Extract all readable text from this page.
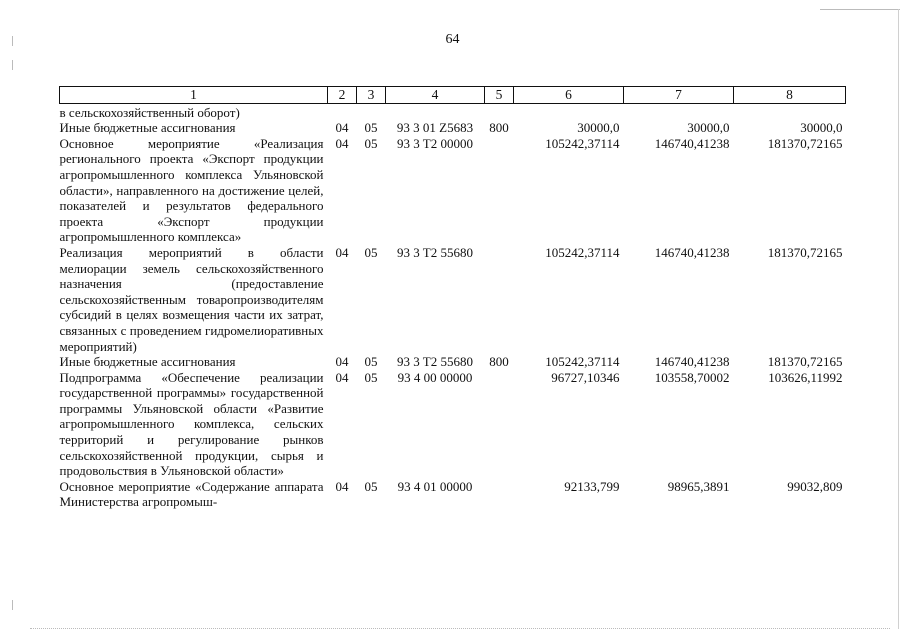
64
1	2	3	4	5	6	7	8
в сельскохозяйственный оборот)							
Иные бюджетные ассигнования	04	05	93 3 01 Z5683	800	30000,0	30000,0	30000,0
Основное мероприятие «Реализация регионального проекта «Экспорт продукции агропромышленного комплекса Ульяновской области», направленного на достижение целей, показателей и результатов федерального проекта «Экспорт продукции агропромышленного комплекса»	04	05	93 3 T2 00000		105242,37114	146740,41238	181370,72165
Реализация мероприятий в области мелиорации земель сельскохозяйственного назначения (предоставление сельскохозяйственным товаропроизводителям субсидий в целях возмещения части их затрат, связанных с проведением гидромелиоративных мероприятий)	04	05	93 3 T2 55680		105242,37114	146740,41238	181370,72165
Иные бюджетные ассигнования	04	05	93 3 T2 55680	800	105242,37114	146740,41238	181370,72165
Подпрограмма «Обеспечение реализации государственной программы» государственной программы Ульяновской области «Развитие агропромышленного комплекса, сельских территорий и регулирование рынков сельскохозяйственной продукции, сырья и продовольствия в Ульяновской области»	04	05	93 4 00 00000		96727,10346	103558,70002	103626,11992
Основное мероприятие «Содержание аппарата Министерства агропромыш-	04	05	93 4 01 00000		92133,799	98965,3891	99032,809
